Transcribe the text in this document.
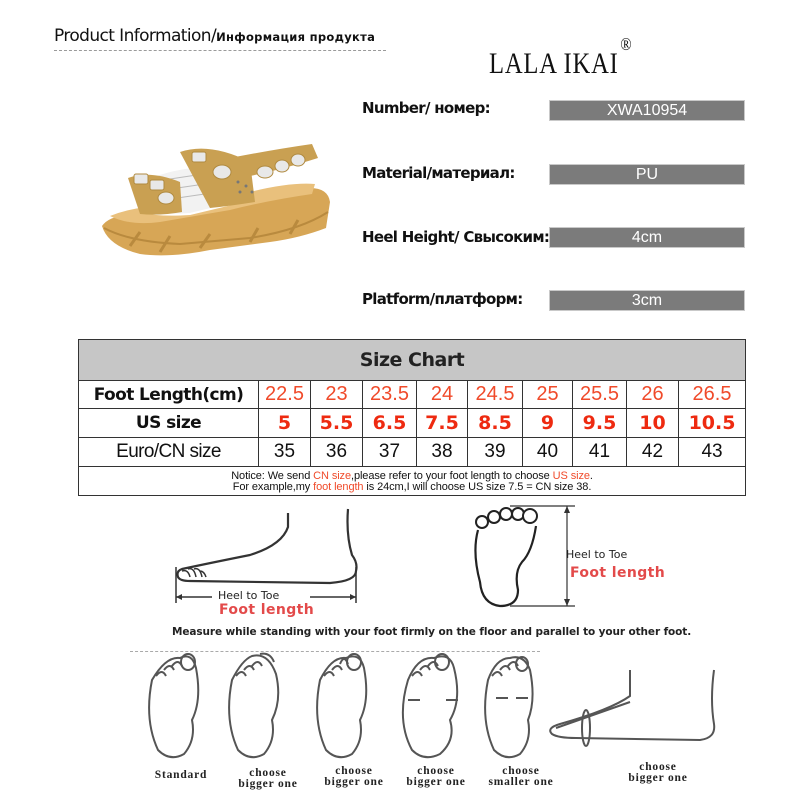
Product Information/Информация продукта
LALA IKAI®
Number/ номер:	XWA10954
Material/материал:	PU
Heel Height/ Свысоким:	4cm
Platform/платформ:	3cm
Size Chart									
Foot Length(cm)	22.5	23	23.5	24	24.5	25	25.5	26	26.5
US size	5	5.5	6.5	7.5	8.5	9	9.5	10	10.5
Euro/CN size	35	36	37	38	39	40	41	42	43

Notice: We send CN size,please refer to your foot length to choose US size.
For example,my foot length is 24cm,I will choose US size 7.5 = CN size 38.									
Heel to Toe
Foot length
Heel to Toe
Foot length
Measure while standing with your foot firmly on the floor and parallel to your other foot.
Standard	choose
bigger one
choose
bigger one
choose
bigger one
choose
smaller one
choose
bigger one
